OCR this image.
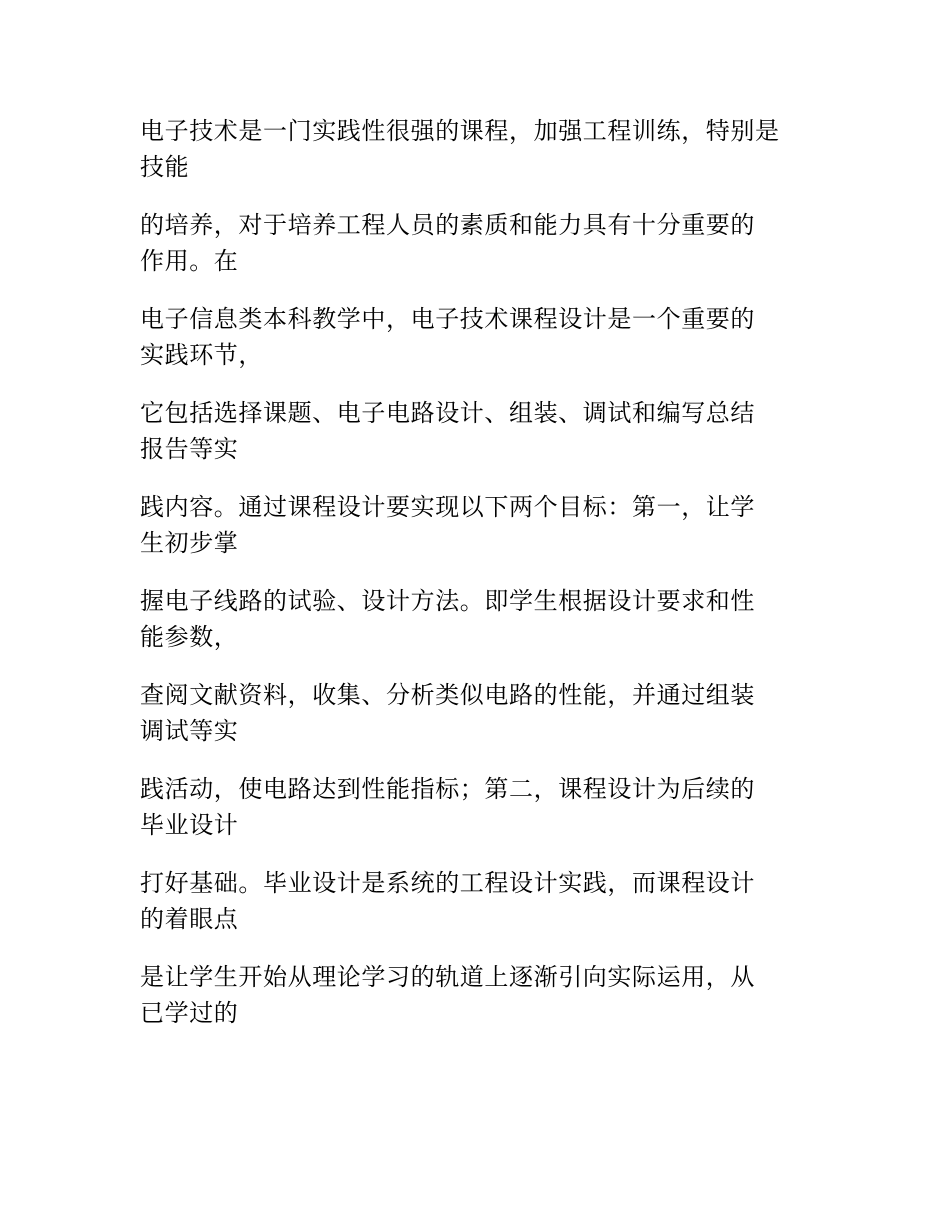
电子技术是一门实践性很强的课程，加强工程训练，特别是
技能

的培养，对于培养工程人员的素质和能力具有十分重要的
作用。在

电子信息类本科教学中，电子技术课程设计是一个重要的
实践环节，

它包括选择课题、电子电路设计、组装、调试和编写总结
报告等实

践内容。通过课程设计要实现以下两个目标：第一，让学
生初步掌

握电子线路的试验、设计方法。即学生根据设计要求和性
能参数，

查阅文献资料，收集、分析类似电路的性能，并通过组装
调试等实

践活动，使电路达到性能指标；第二，课程设计为后续的
毕业设计

打好基础。毕业设计是系统的工程设计实践，而课程设计
的着眼点

是让学生开始从理论学习的轨道上逐渐引向实际运用，从
已学过的
